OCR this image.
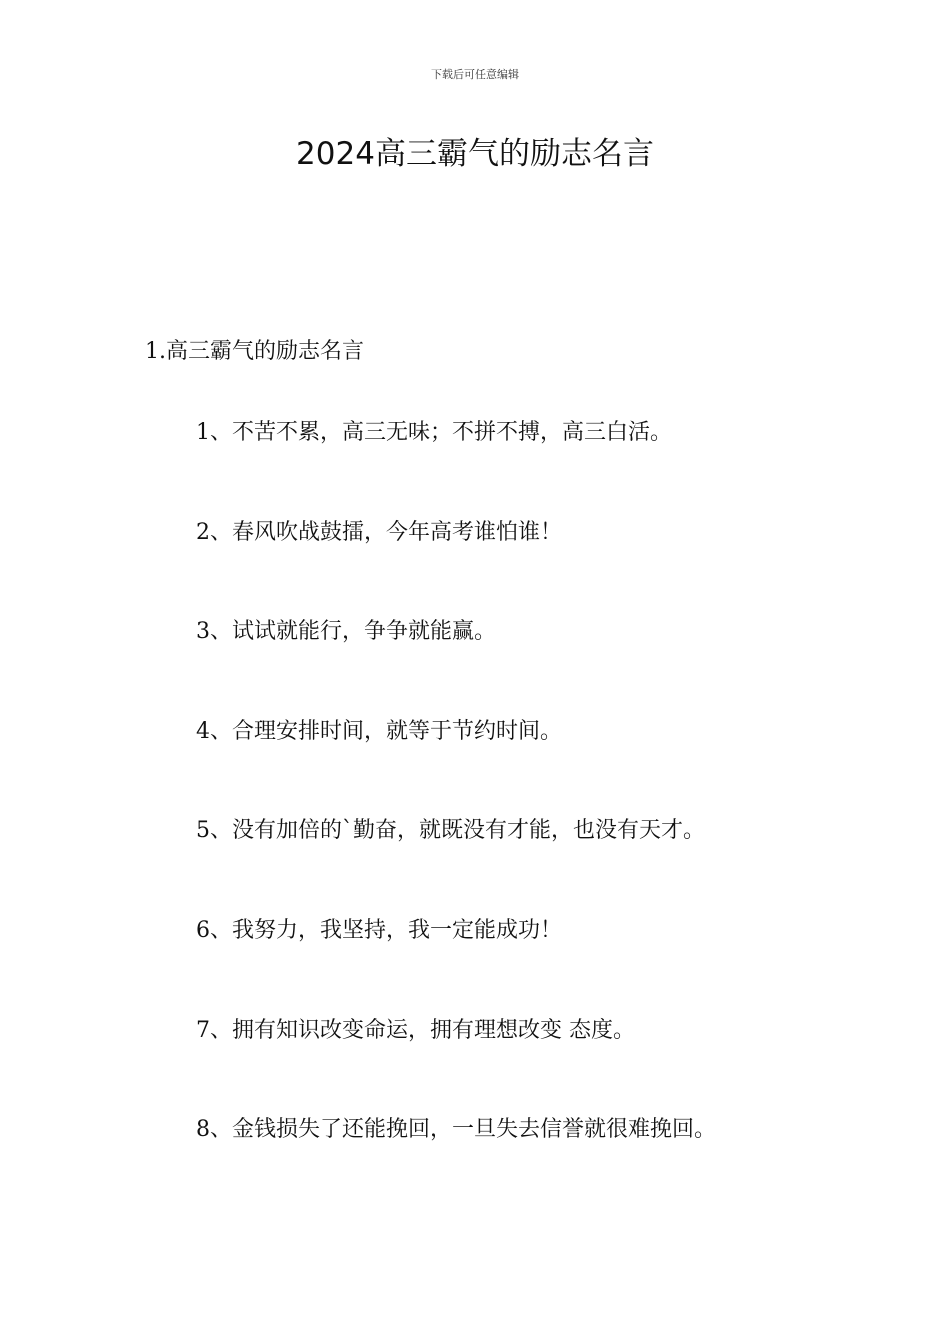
下载后可任意编辑
2024高三霸气的励志名言
1.高三霸气的励志名言
1、不苦不累，高三无味；不拼不搏，高三白活。
2、春风吹战鼓擂，今年高考谁怕谁！
3、试试就能行，争争就能赢。
4、合理安排时间，就等于节约时间。
5、没有加倍的`勤奋，就既没有才能，也没有天才。
6、我努力，我坚持，我一定能成功！
7、拥有知识改变命运，拥有理想改变 态度。
8、金钱损失了还能挽回，一旦失去信誉就很难挽回。
